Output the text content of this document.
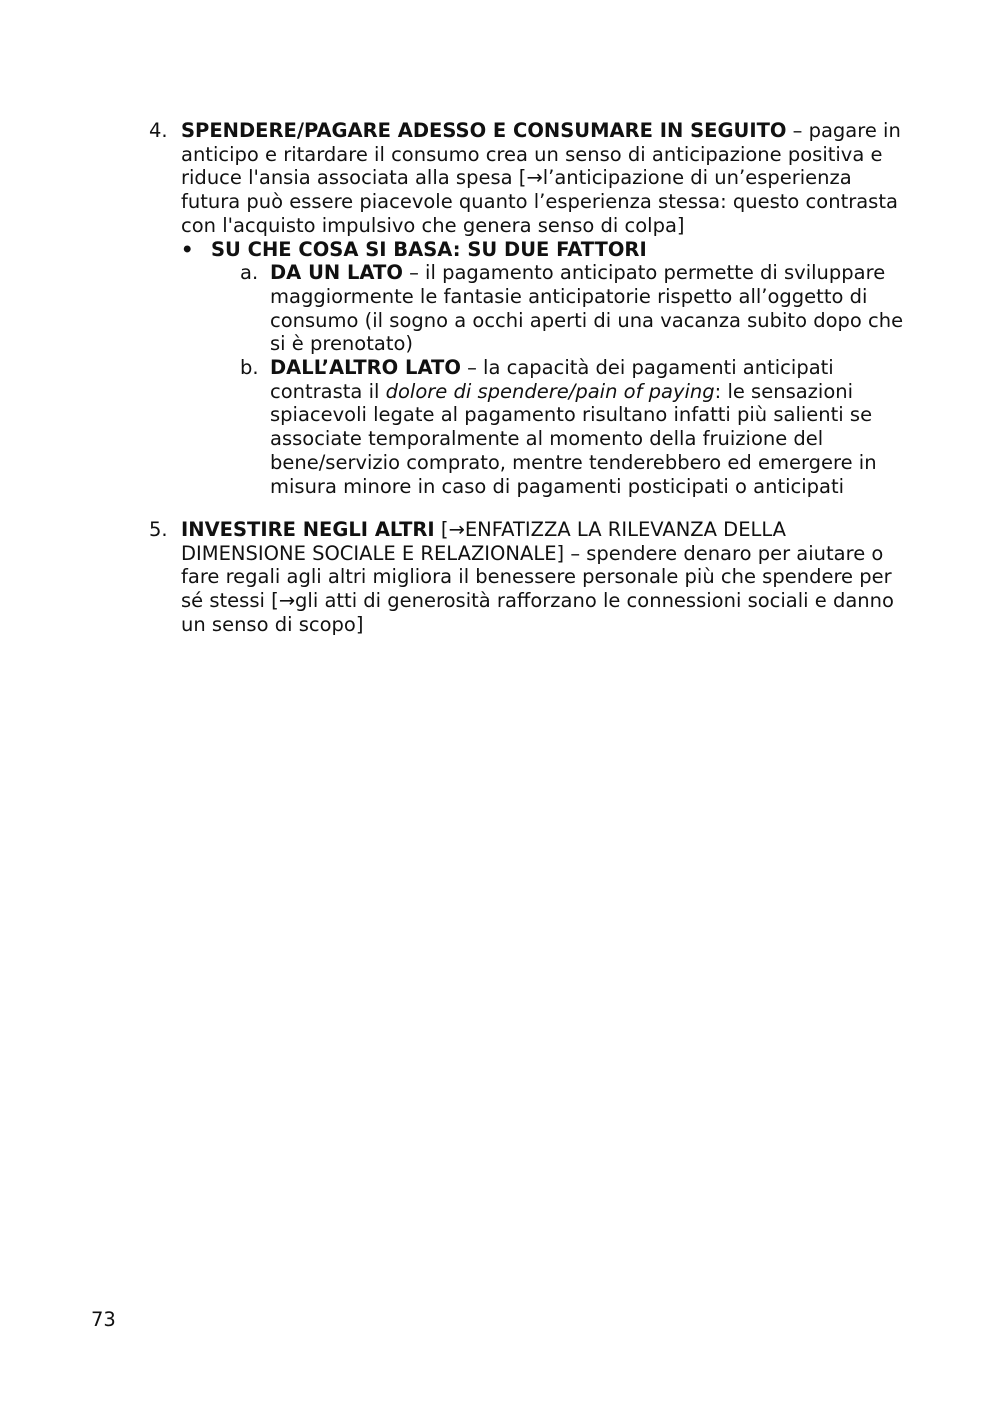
4. SPENDERE/PAGARE ADESSO E CONSUMARE IN SEGUITO – pagare in anticipo e ritardare il consumo crea un senso di anticipazione positiva e riduce l'ansia associata alla spesa [→l’anticipazione di un’esperienza futura può essere piacevole quanto l’esperienza stessa: questo contrasta con l'acquisto impulsivo che genera senso di colpa]
• SU CHE COSA SI BASA: SU DUE FATTORI
a. DA UN LATO – il pagamento anticipato permette di sviluppare maggiormente le fantasie anticipatorie rispetto all’oggetto di consumo (il sogno a occhi aperti di una vacanza subito dopo che si è prenotato)
b. DALL’ALTRO LATO – la capacità dei pagamenti anticipati contrasta il dolore di spendere/pain of paying: le sensazioni spiacevoli legate al pagamento risultano infatti più salienti se associate temporalmente al momento della fruizione del bene/servizio comprato, mentre tenderebbero ed emergere in misura minore in caso di pagamenti posticipati o anticipati
5. INVESTIRE NEGLI ALTRI [→ENFATIZZA LA RILEVANZA DELLA DIMENSIONE SOCIALE E RELAZIONALE] – spendere denaro per aiutare o fare regali agli altri migliora il benessere personale più che spendere per sé stessi [→gli atti di generosità rafforzano le connessioni sociali e danno un senso di scopo]
73
